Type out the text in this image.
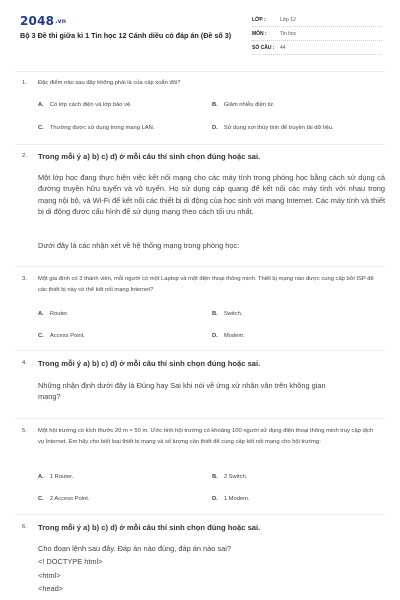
2048.vn
Bộ 3 Đề thi giữa kì 1 Tin học 12 Cánh diều có đáp án (Đề số 3)
LỚP :	Lớp 12
MÔN :	Tin học
SỐ CÂU :	44
1. Đặc điểm nào sau đây không phải là của cáp xoắn đôi?
A. Có lớp cách điện và lớp bảo vệ.	B. Giảm nhiễu điện từ.
C. Thường được sử dụng trong mạng LAN.	D. Sử dụng sợi thủy tinh để truyền tải dữ liệu.
2. Trong mỗi ý a) b) c) d) ở mỗi câu thí sinh chọn đúng hoặc sai.
Một lớp học đang thực hiện việc kết nối mạng cho các máy tính trong phòng học bằng cách sử dụng cả đường truyền hữu tuyến và vô tuyến. Họ sử dụng cáp quang để kết nối các máy tính với nhau trong mạng nội bộ, và Wi-Fi để kết nối các thiết bị di động của học sinh với mạng Internet. Các máy tính và thiết bị di động được cấu hình để sử dụng mạng theo cách tối ưu nhất.
Dưới đây là các nhận xét về hệ thống mạng trong phòng học:
3. Một gia đình có 3 thành viên, mỗi người có một Laptop và một điện thoại thông minh. Thiết bị mạng nào được cung cấp bởi ISP để các thiết bị này có thể kết nối mạng Internet?
A. Router.	B. Switch.
C. Access Point.	D. Modem.
4. Trong mỗi ý a) b) c) d) ở mỗi câu thí sinh chọn đúng hoặc sai.
Những nhận định dưới đây là Đúng hay Sai khi nói về ứng xử nhân văn trên không gian mạng?
5. Một hội trường có kích thước 20 m × 50 m. Ước tính hội trường có khoảng 100 người sử dụng điện thoại thông minh truy cập dịch vụ Internet. Em hãy cho biết loại thiết bị mạng và số lượng cần thiết để cung cấp kết nối mạng cho hội trường:
A. 1 Router.	B. 2 Switch.
C. 2 Access Point.	D. 1 Modem.
6. Trong mỗi ý a) b) c) d) ở mỗi câu thí sinh chọn đúng hoặc sai.
Cho đoạn lệnh sau đây. Đáp án nào đúng, đáp án nào sai?
<! DOCTYPE html>
<html>
<head>
